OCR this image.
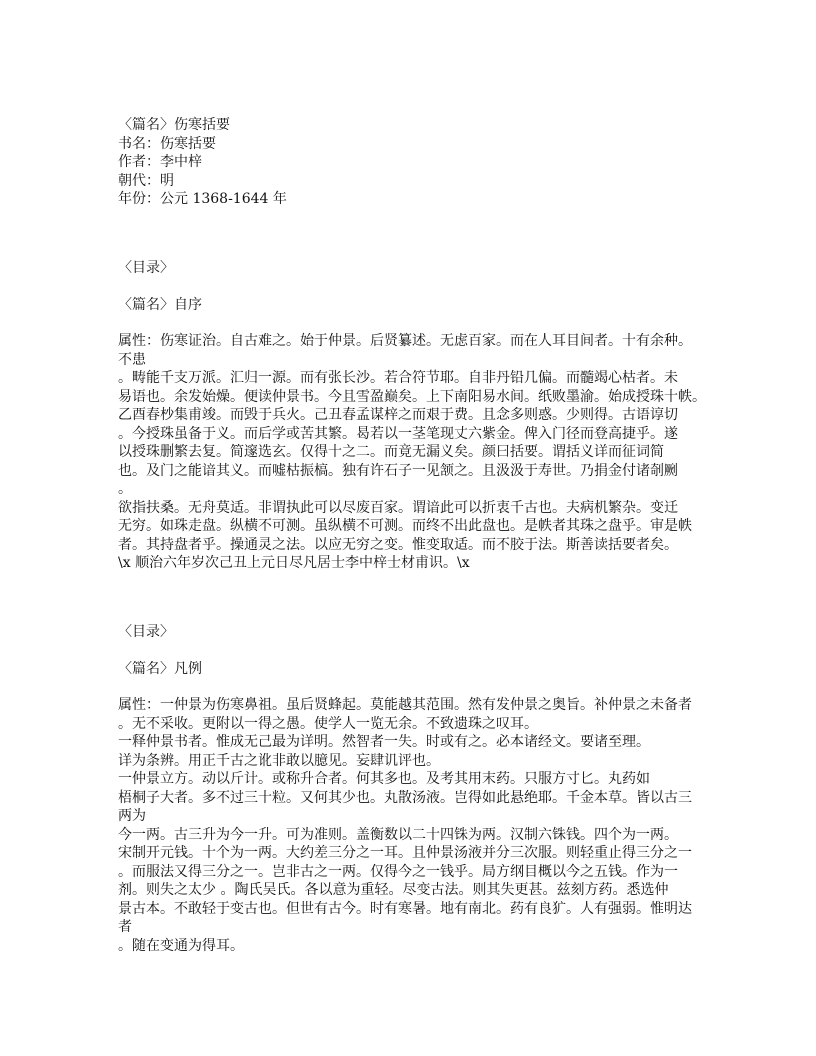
〈篇名〉伤寒括要
书名：伤寒括要
作者：李中梓
朝代：明
年份：公元 1368-1644 年
〈目录〉
〈篇名〉自序
属性：伤寒证治。自古难之。始于仲景。后贤纂述。无虑百家。而在人耳目间者。十有余种。
不患
。畴能千支万派。汇归一源。而有张长沙。若合符节耶。自非丹铅几偏。而髓竭心枯者。未
易语也。余发始燥。便读仲景书。今且雪盈巅矣。上下南阳易水间。纸败墨渝。始成授珠十帙。
乙酉春杪集甫竣。而毁于兵火。己丑春孟谋梓之而艰于费。且念多则惑。少则得。古语谆切
。今授珠虽备于义。而后学或苦其繁。曷若以一茎笔现丈六紫金。俾入门径而登高捷乎。遂
以授珠删繁去复。简邃选玄。仅得十之二。而竟无漏义矣。颜曰括要。谓括义详而征词简
也。及门之能谙其义。而嘘枯振槁。独有许石子一见颔之。且汲汲于寿世。乃捐金付诸剞劂
。
欲指扶桑。无舟莫适。非谓执此可以尽废百家。谓谙此可以折衷千古也。夫病机繁杂。变迁
无穷。如珠走盘。纵横不可测。虽纵横不可测。而终不出此盘也。是帙者其珠之盘乎。审是帙
者。其持盘者乎。操通灵之法。以应无穷之变。惟变取适。而不胶于法。斯善读括要者矣。
\x 顺治六年岁次己丑上元日尽凡居士李中梓士材甫识。\x
〈目录〉
〈篇名〉凡例
属性：一仲景为伤寒鼻祖。虽后贤蜂起。莫能越其范围。然有发仲景之奥旨。补仲景之未备者
。无不采收。更附以一得之愚。使学人一览无余。不致遗珠之叹耳。
一释仲景书者。惟成无己最为详明。然智者一失。时或有之。必本诸经文。要诸至理。
详为条辨。用正千古之讹非敢以臆见。妄肆讥评也。
一仲景立方。动以斤计。或称升合者。何其多也。及考其用末药。只服方寸匕。丸药如
梧桐子大者。多不过三十粒。又何其少也。丸散汤液。岂得如此悬绝耶。千金本草。皆以古三
两为
今一两。古三升为今一升。可为准则。盖衡数以二十四铢为两。汉制六铢钱。四个为一两。
宋制开元钱。十个为一两。大约差三分之一耳。且仲景汤液并分三次服。则轻重止得三分之一
。而服法又得三分之一。岂非古之一两。仅得今之一钱乎。局方纲目概以今之五钱。作为一
剂。则失之太少 。陶氏吴氏。各以意为重轻。尽变古法。则其失更甚。兹刻方药。悉选仲
景古本。不敢轻于变古也。但世有古今。时有寒暑。地有南北。药有良犷。人有强弱。惟明达
者
。随在变通为得耳。
